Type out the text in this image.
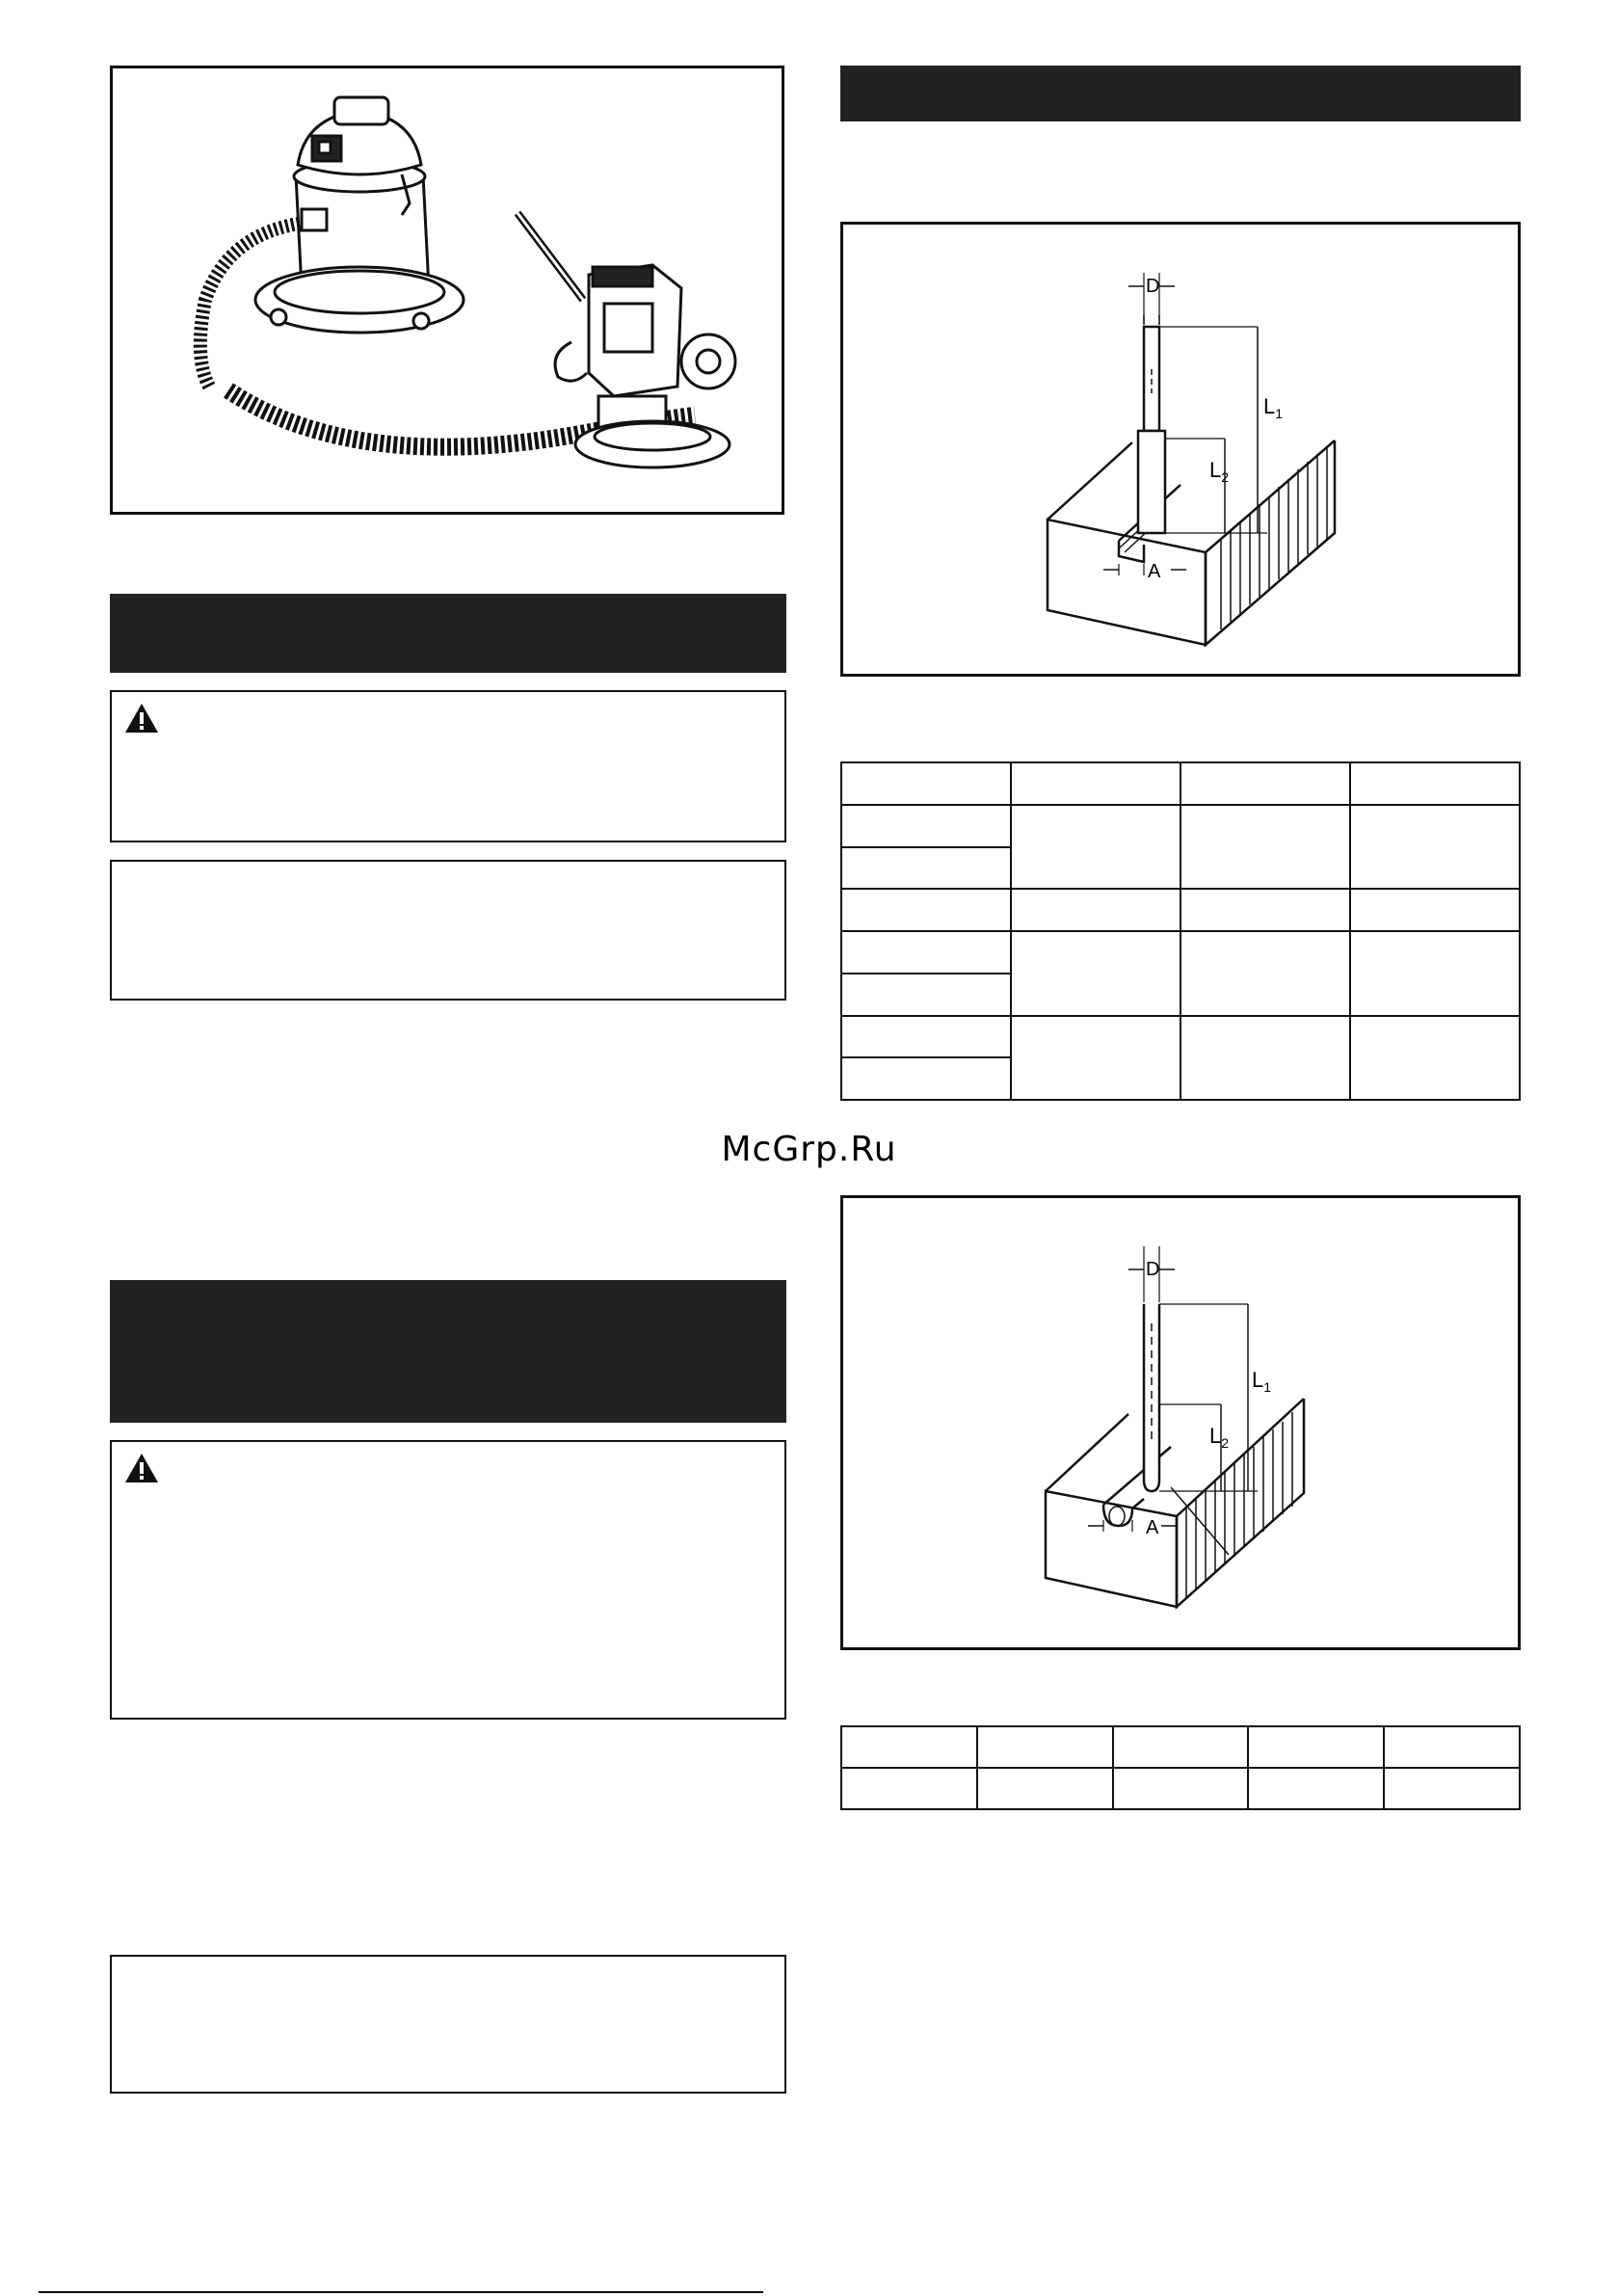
D
$L_1$
$L_2$
A

McGrp.Ru
D
$L_1$
$L_2$
A
